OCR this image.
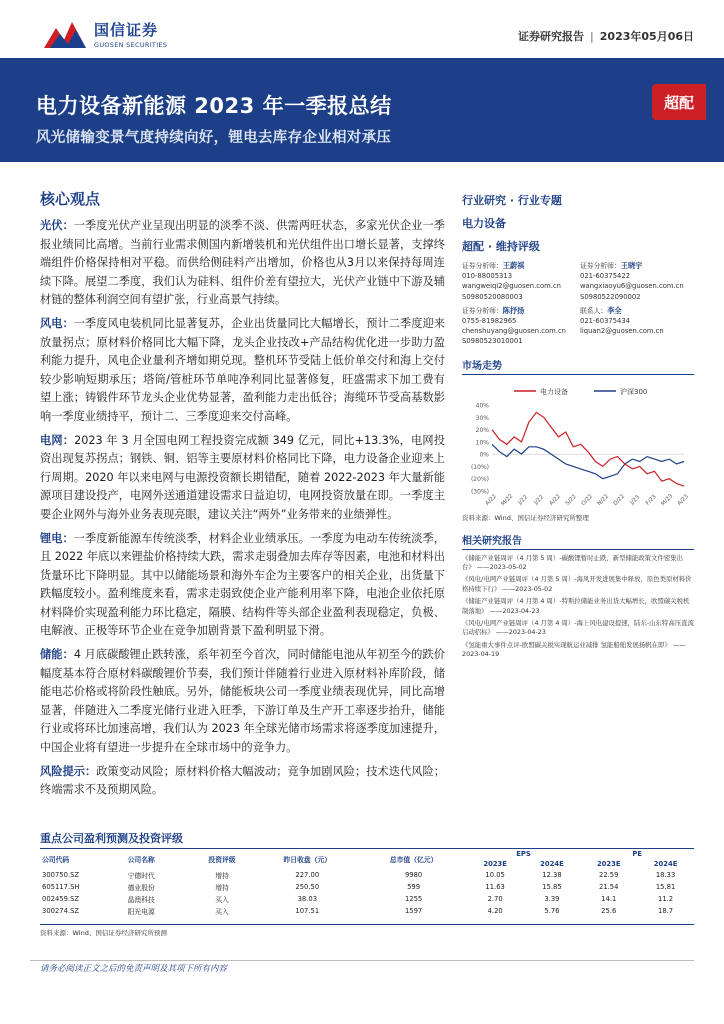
国信证券
GUOSEN SECURITIES
证券研究报告 | 2023年05月06日
电力设备新能源 2023 年一季报总结
风光储输变景气度持续向好，锂电去库存企业相对承压
超配
核心观点

光伏：一季度光伏产业呈现出明显的淡季不淡、供需两旺状态，多家光伏企业一季报业绩同比高增。当前行业需求侧国内新增装机和光伏组件出口增长显著，支撑终端组件价格保持相对平稳。而供给侧硅料产出增加，价格也从3月以来保持每周连续下降。展望二季度，我们认为硅料、组件价差有望拉大，光伏产业链中下游及辅材链的整体利润空间有望扩张，行业高景气持续。

风电：一季度风电装机同比显著复苏，企业出货量同比大幅增长，预计二季度迎来放量拐点；原材料价格同比大幅下降，龙头企业技改+产品结构优化进一步助力盈利能力提升，风电企业量利齐增如期兑现。整机环节受陆上低价单交付和海上交付较少影响短期承压；塔筒/管桩环节单吨净利同比显著修复，旺盛需求下加工费有望上涨；铸锻件环节龙头企业优势显著，盈利能力走出低谷；海缆环节受高基数影响一季度业绩持平，预计二、三季度迎来交付高峰。

电网：2023 年 3 月全国电网工程投资完成额 349 亿元，同比+13.3%，电网投资出现复苏拐点；钢铁、铜、铝等主要原材料价格同比下降，电力设备企业迎来上行周期。2020 年以来电网与电源投资额长期错配，随着 2022-2023 年大量新能源项目建设投产，电网外送通道建设需求日益迫切，电网投资放量在即。一季度主要企业网外与海外业务表现亮眼，建议关注“两外”业务带来的业绩弹性。

锂电：一季度新能源车传统淡季，材料企业业绩承压。一季度为电动车传统淡季，且 2022 年底以来锂盐价格持续大跌，需求走弱叠加去库存等因素，电池和材料出货量环比下降明显。其中以储能场景和海外车企为主要客户的相关企业，出货量下跌幅度较小。盈利维度来看，需求走弱致使企业产能利用率下降，电池企业依托原材料降价实现盈利能力环比稳定，隔膜、结构件等头部企业盈利表现稳定，负极、电解液、正极等环节企业在竞争加剧背景下盈利明显下滑。

储能：4 月底碳酸锂止跌转涨，系年初至今首次，同时储能电池从年初至今的跌价幅度基本符合原材料碳酸锂价节奏，我们预计伴随着行业进入原材料补库阶段，储能电芯价格或将阶段性触底。另外，储能板块公司一季度业绩表现优异，同比高增显著，伴随进入二季度光储行业进入旺季，下游订单及生产开工率逐步抬升，储能行业或将环比加速高增，我们认为 2023 年全球光储市场需求将逐季度加速提升，中国企业将有望进一步提升在全球市场中的竞争力。

风险提示：政策变动风险；原材料价格大幅波动；竞争加剧风险；技术迭代风险；终端需求不及预期风险。

行业研究 · 行业专题
电力设备
超配 · 维持评级
证券分析师：王蔚祺
010-88005313
wangweiqi2@guosen.com.cn
S0980520080003
证券分析师：王晓宇
021-60375422
wangxiaoyu6@guosen.com.cn
S0980522090002
证券分析师：陈抒扬
0755-81982965
chenshuyang@guosen.com.cn
S0980523010001
联系人：李全
021-60375434
liquan2@guosen.com.cn
市场走势
电力设备	沪深300
40%
30%
20%
10%
0%
(10%)
(20%)
(30%)
A/22 M/22 J/22 J/22 A/22 S/22 O/22 N/22 D/22 J/23 F/23 M/23 A/23
资料来源：Wind、国信证券经济研究所整理
相关研究报告
《储能产业链周评（4 月第 5 周）-碳酸锂暂时止跌，新型储能政策文件密集出台》 ——2023-05-02
《风电/电网产业链周评（4 月第 5 周）-海风开发进展集中释放，原色类原材料价格持续下行》 ——2023-05-02
《储能产业链周评（4 月第 4 周）-特斯拉储能业务出货大幅增长，欧盟碳关税机制落地》 ——2023-04-23
《风电/电网产业链周评（4 月第 4 周）-海上风电建设提速，陆东-山东特高压直流启动招标》 ——2023-04-23
《氢能重大事件点评-欧盟碳关税实现航运业减排 氢能船舶发展扬帆在即》 ——2023-04-19
重点公司盈利预测及投资评级
公司代码	公司名称	投资评级	昨日收盘（元）	总市值（亿元）	EPS		PE	
					2023E	2024E	2023E	2024E
300750.SZ	宁德时代	增持	227.00	9980	10.05	12.38	22.59	18.33
605117.SH	德业股份	增持	250.50	599	11.63	15.85	21.54	15.81
002459.SZ	晶澳科技	买入	38.03	1255	2.70	3.39	14.1	11.2
300274.SZ	阳光电源	买入	107.51	1597	4.20	5.76	25.6	18.7
资料来源：Wind、国信证券经济研究所预测
请务必阅读正文之后的免责声明及其项下所有内容
